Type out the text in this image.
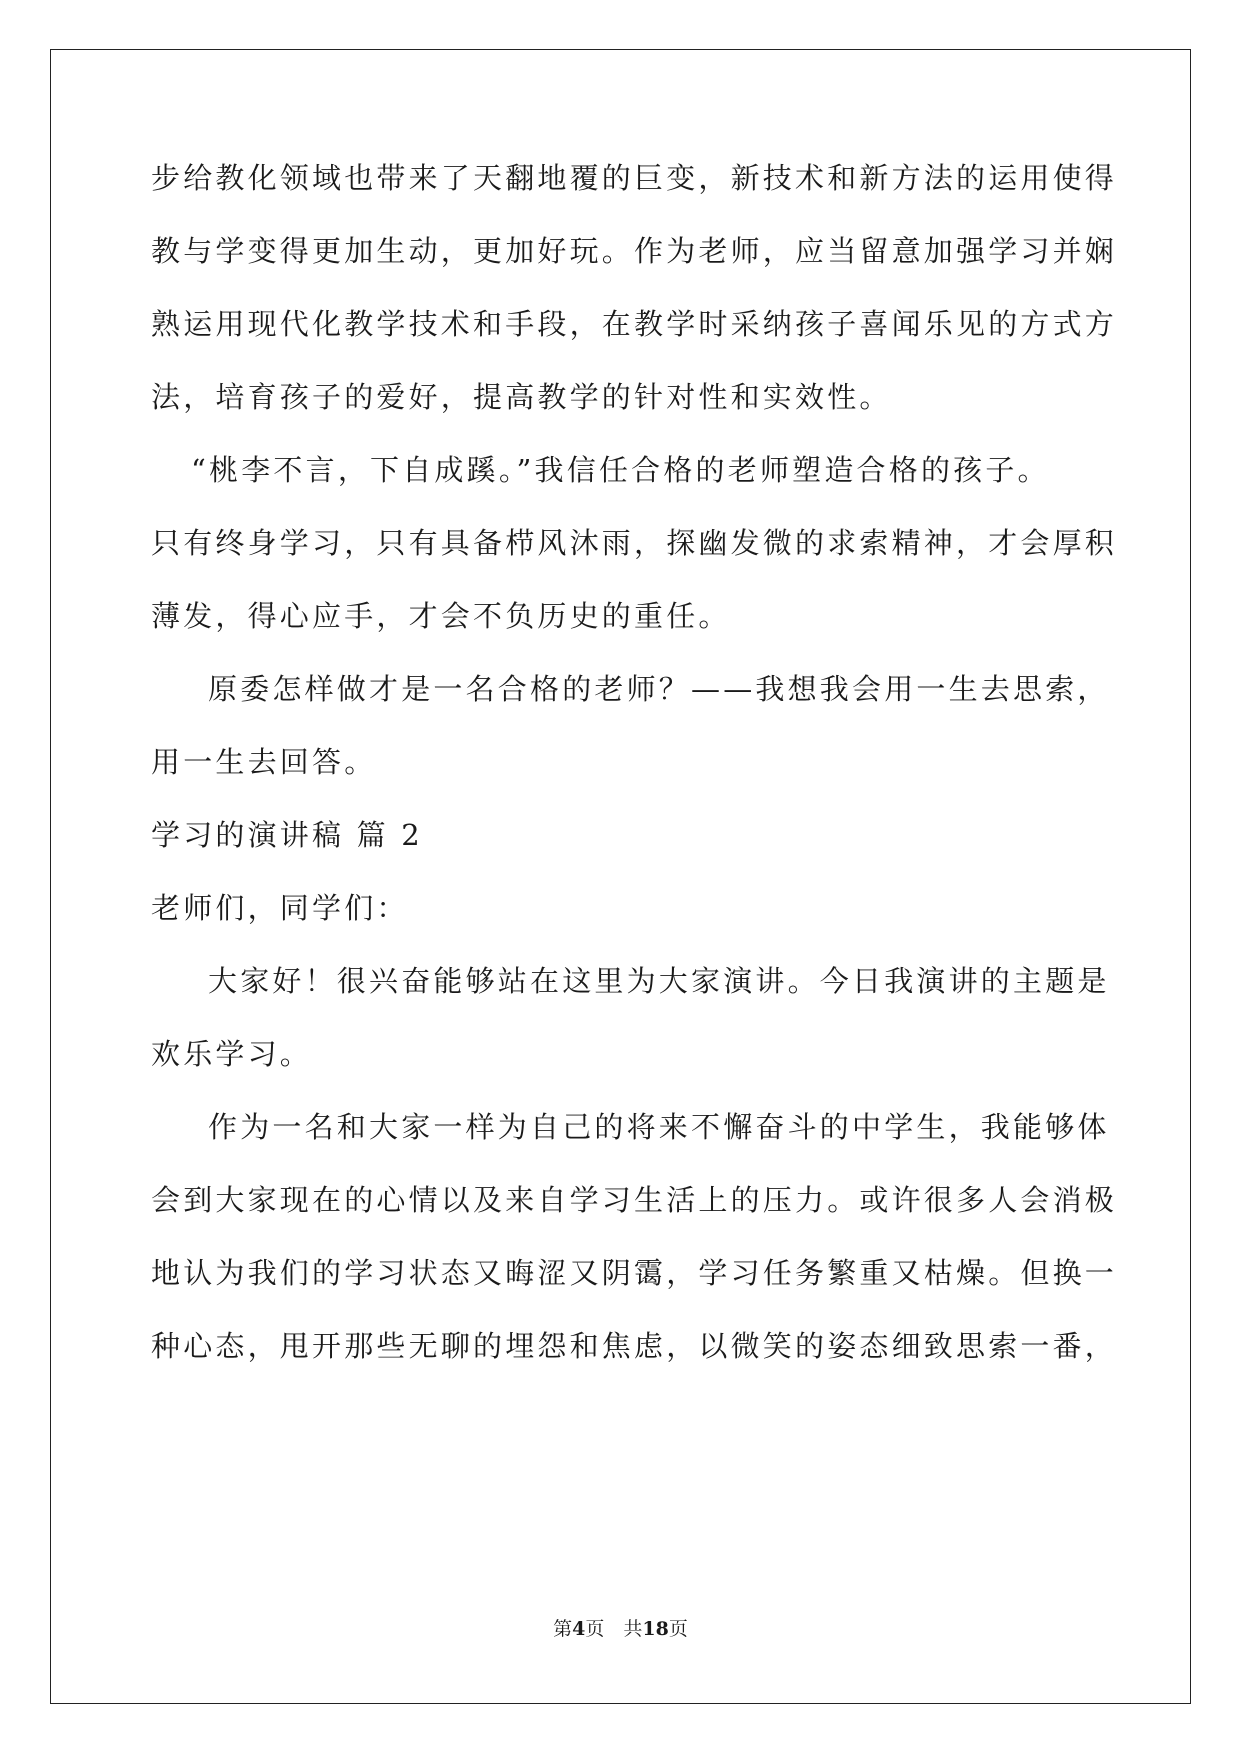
步给教化领域也带来了天翻地覆的巨变，新技术和新方法的运用使得
教与学变得更加生动，更加好玩。作为老师，应当留意加强学习并娴
熟运用现代化教学技术和手段，在教学时采纳孩子喜闻乐见的方式方
法，培育孩子的爱好，提高教学的针对性和实效性。
“桃李不言，下自成蹊。”我信任合格的老师塑造合格的孩子。
只有终身学习，只有具备栉风沐雨，探幽发微的求索精神，才会厚积
薄发，得心应手，才会不负历史的重任。
原委怎样做才是一名合格的老师？——我想我会用一生去思索，
用一生去回答。
学习的演讲稿 篇 2
老师们，同学们：
大家好！很兴奋能够站在这里为大家演讲。今日我演讲的主题是
欢乐学习。
作为一名和大家一样为自己的将来不懈奋斗的中学生，我能够体
会到大家现在的心情以及来自学习生活上的压力。或许很多人会消极
地认为我们的学习状态又晦涩又阴霭，学习任务繁重又枯燥。但换一
种心态，甩开那些无聊的埋怨和焦虑，以微笑的姿态细致思索一番，
第4页　共18页
